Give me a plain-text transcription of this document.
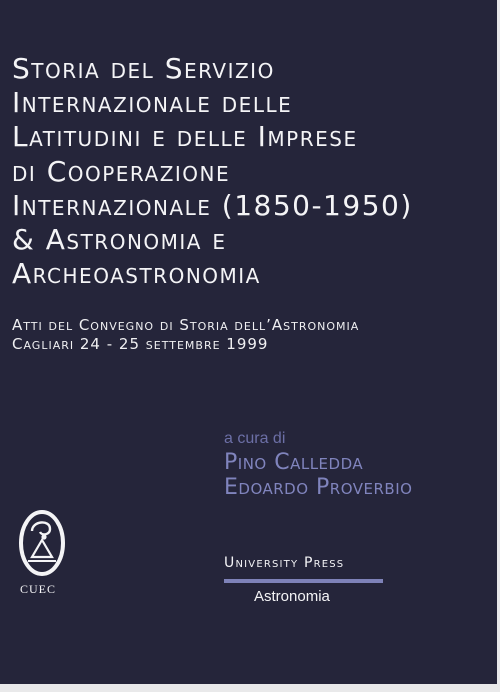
Storia del Servizio
Internazionale delle
Latitudini e delle Imprese
di Cooperazione
Internazionale (1850-1950)
& Astronomia e
Archeoastronomia
Atti del Convegno di Storia dell’Astronomia
Cagliari 24 - 25 settembre 1999
a cura di
Pino Calledda
Edoardo Proverbio
CUEC
University Press
Astronomia
